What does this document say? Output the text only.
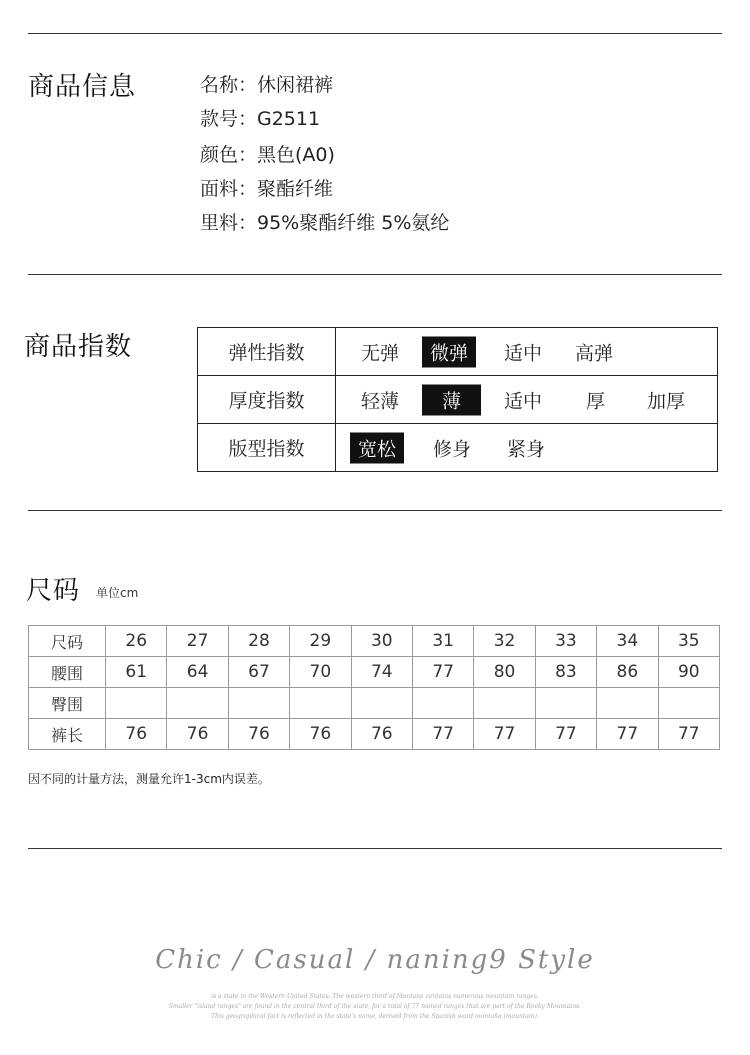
商品信息	名称：休闲裙裤
款号：G2511
颜色：黑色(A0)
面料：聚酯纤维
里料：95%聚酯纤维 5%氨纶
商品指数	弹性指数	无弹 微弹 适中 高弹

厚度指数	轻薄 薄 适中 厚 加厚

版型指数	宽松 修身 紧身
尺码 单位cm
尺码	26	27	28	29	30	31	32	33	34	35
腰围	61	64	67	70	74	77	80	83	86	90
臀围										
裤长	76	76	76	76	76	77	77	77	77	77
因不同的计量方法，测量允许1-3cm内误差。
Chic / Casual / naning9 Style
is a state in the Western United States. The western third of Montana contains numerous mountain ranges.
Smaller "island ranges" are found in the central third of the state, for a total of 77 named ranges that are part of the Rocky Mountains.
This geographical fact is reflected in the state's name, derived from the Spanish word montaña (mountain).
